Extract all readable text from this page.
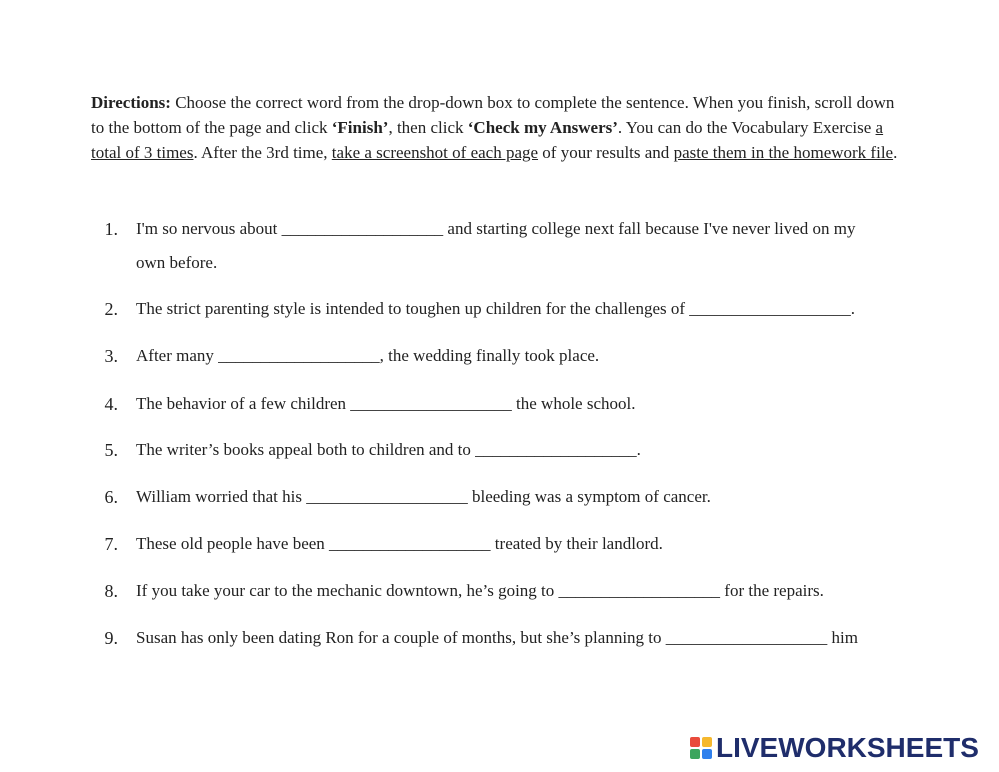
Directions: Choose the correct word from the drop-down box to complete the sentence. When you finish, scroll down to the bottom of the page and click ‘Finish’, then click ‘Check my Answers’. You can do the Vocabulary Exercise a total of 3 times. After the 3rd time, take a screenshot of each page of your results and paste them in the homework file.
1. I'm so nervous about ___________________ and starting college next fall because I've never lived on my
own before.
2. The strict parenting style is intended to toughen up children for the challenges of ___________________.
3. After many ___________________, the wedding finally took place.
4. The behavior of a few children ___________________ the whole school.
5. The writer’s books appeal both to children and to ___________________.
6. William worried that his ___________________ bleeding was a symptom of cancer.
7. These old people have been ___________________ treated by their landlord.
8. If you take your car to the mechanic downtown, he’s going to ___________________ for the repairs.
9. Susan has only been dating Ron for a couple of months, but she’s planning to ___________________ him
LIVEWORKSHEETS
